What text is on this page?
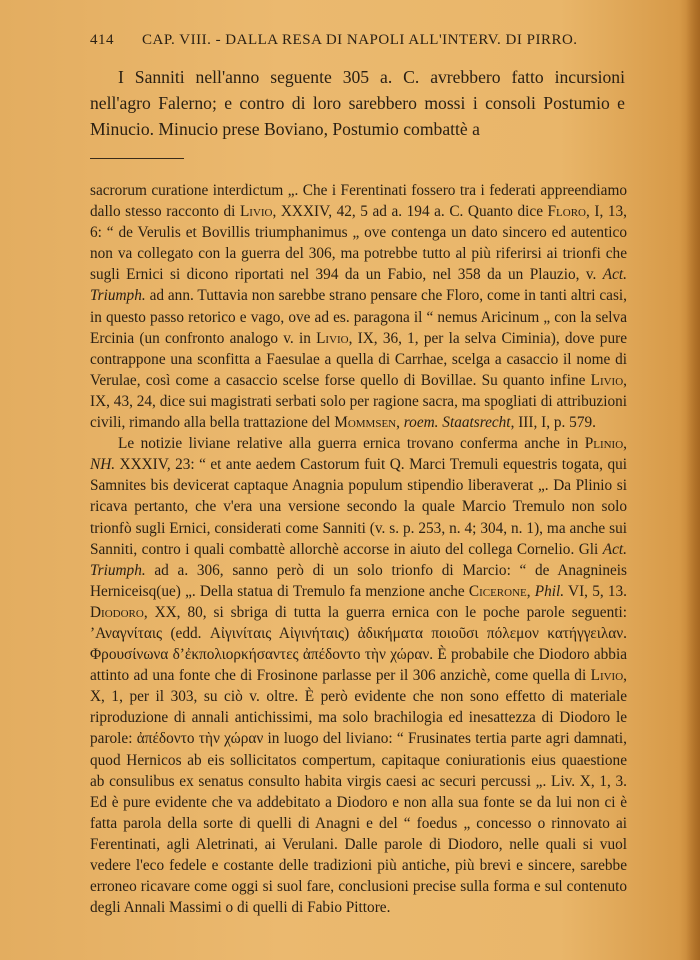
414 CAP. VIII. - DALLA RESA DI NAPOLI ALL'INTERV. DI PIRRO.

I Sanniti nell'anno seguente 305 a. C. avrebbero fatto incursioni nell'agro Falerno; e contro di loro sarebbero mossi i consoli Postumio e Minucio. Minucio prese Boviano, Postumio combattè a

sacrorum curatione interdictum „. Che i Ferentinati fossero tra i federati appreendiamo dallo stesso racconto di Livio, XXXIV, 42, 5 ad a. 194 a. C. Quanto dice Floro, I, 13, 6: “ de Verulis et Bovillis triumphanimus „ ove contenga un dato sincero ed autentico non va collegato con la guerra del 306, ma potrebbe tutto al più riferirsi ai trionfi che sugli Ernici si dicono riportati nel 394 da un Fabio, nel 358 da un Plauzio, v. Act. Triumph. ad ann. Tuttavia non sarebbe strano pensare che Floro, come in tanti altri casi, in questo passo retorico e vago, ove ad es. paragona il “ nemus Aricinum „ con la selva Ercinia (un confronto analogo v. in Livio, IX, 36, 1, per la selva Ciminia), dove pure contrappone una sconfitta a Faesulae a quella di Carrhae, scelga a casaccio il nome di Verulae, così come a casaccio scelse forse quello di Bovillae. Su quanto infine Livio, IX, 43, 24, dice sui magistrati serbati solo per ragione sacra, ma spogliati di attribuzioni civili, rimando alla bella trattazione del Mommsen, roem. Staatsrecht, III, I, p. 579.

Le notizie liviane relative alla guerra ernica trovano conferma anche in Plinio, NH. XXXIV, 23: “ et ante aedem Castorum fuit Q. Marci Tremuli equestris togata, qui Samnites bis devicerat captaque Anagnia populum stipendio liberaverat „. Da Plinio si ricava pertanto, che v'era una versione secondo la quale Marcio Tremulo non solo trionfò sugli Ernici, considerati come Sanniti (v. s. p. 253, n. 4; 304, n. 1), ma anche sui Sanniti, contro i quali combattè allorchè accorse in aiuto del collega Cornelio. Gli Act. Triumph. ad a. 306, sanno però di un solo trionfo di Marcio: “ de Anagnineis Herniceisq(ue) „. Della statua di Tremulo fa menzione anche Cicerone, Phil. VI, 5, 13. Diodoro, XX, 80, si sbriga di tutta la guerra ernica con le poche parole seguenti: ʼΑναγνίταις (edd. Αἰγινίταις Αἰγινήταις) ἀδικήματα ποιοῦσι πόλεμον κατήγγειλαν. Φρουσίνωνα δʼἐκπολιορκήσαντες ἀπέδοντο τὴν χώραν. È probabile che Diodoro abbia attinto ad una fonte che di Frosinone parlasse per il 306 anzichè, come quella di Livio, X, 1, per il 303, su ciò v. oltre. È però evidente che non sono effetto di materiale riproduzione di annali antichissimi, ma solo brachilogia ed inesattezza di Diodoro le parole: ἀπέδοντο τὴν χώραν in luogo del liviano: “ Frusinates tertia parte agri damnati, quod Hernicos ab eis sollicitatos compertum, capitaque coniurationis eius quaestione ab consulibus ex senatus consulto habita virgis caesi ac securi percussi „. Liv. X, 1, 3. Ed è pure evidente che va addebitato a Diodoro e non alla sua fonte se da lui non ci è fatta parola della sorte di quelli di Anagni e del “ foedus „ concesso o rinnovato ai Ferentinati, agli Aletrinati, ai Verulani. Dalle parole di Diodoro, nelle quali si vuol vedere l'eco fedele e costante delle tradizioni più antiche, più brevi e sincere, sarebbe erroneo ricavare come oggi si suol fare, conclusioni precise sulla forma e sul contenuto degli Annali Massimi o di quelli di Fabio Pittore.
